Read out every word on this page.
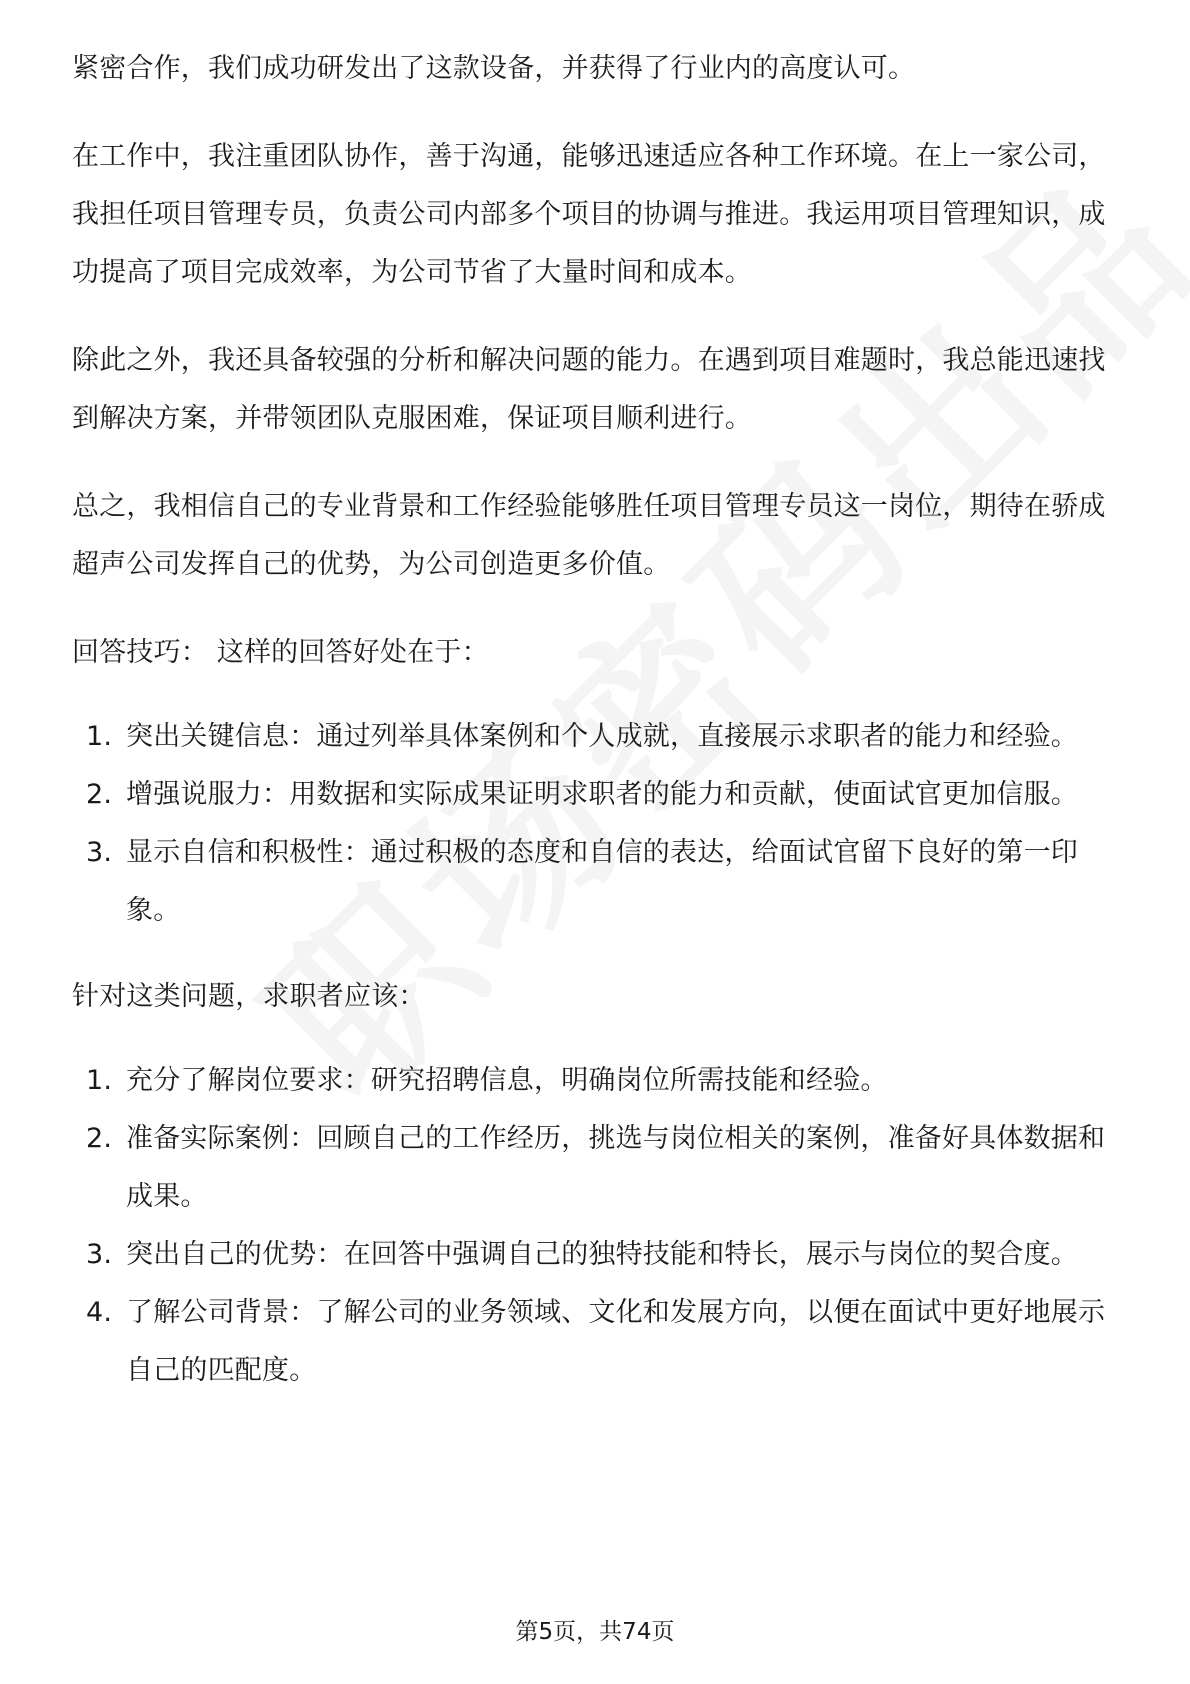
紧密合作，我们成功研发出了这款设备，并获得了行业内的高度认可。

在工作中，我注重团队协作，善于沟通，能够迅速适应各种工作环境。在上一家公司，我担任项目管理专员，负责公司内部多个项目的协调与推进。我运用项目管理知识，成功提高了项目完成效率，为公司节省了大量时间和成本。

除此之外，我还具备较强的分析和解决问题的能力。在遇到项目难题时，我总能迅速找到解决方案，并带领团队克服困难，保证项目顺利进行。

总之，我相信自己的专业背景和工作经验能够胜任项目管理专员这一岗位，期待在骄成超声公司发挥自己的优势，为公司创造更多价值。

回答技巧： 这样的回答好处在于：

1. 突出关键信息：通过列举具体案例和个人成就，直接展示求职者的能力和经验。
2. 增强说服力：用数据和实际成果证明求职者的能力和贡献，使面试官更加信服。
3. 显示自信和积极性：通过积极的态度和自信的表达，给面试官留下良好的第一印象。

针对这类问题，求职者应该：

1. 充分了解岗位要求：研究招聘信息，明确岗位所需技能和经验。
2. 准备实际案例：回顾自己的工作经历，挑选与岗位相关的案例，准备好具体数据和成果。
3. 突出自己的优势：在回答中强调自己的独特技能和特长，展示与岗位的契合度。
4. 了解公司背景：了解公司的业务领域、文化和发展方向，以便在面试中更好地展示自己的匹配度。
第5页，共74页
